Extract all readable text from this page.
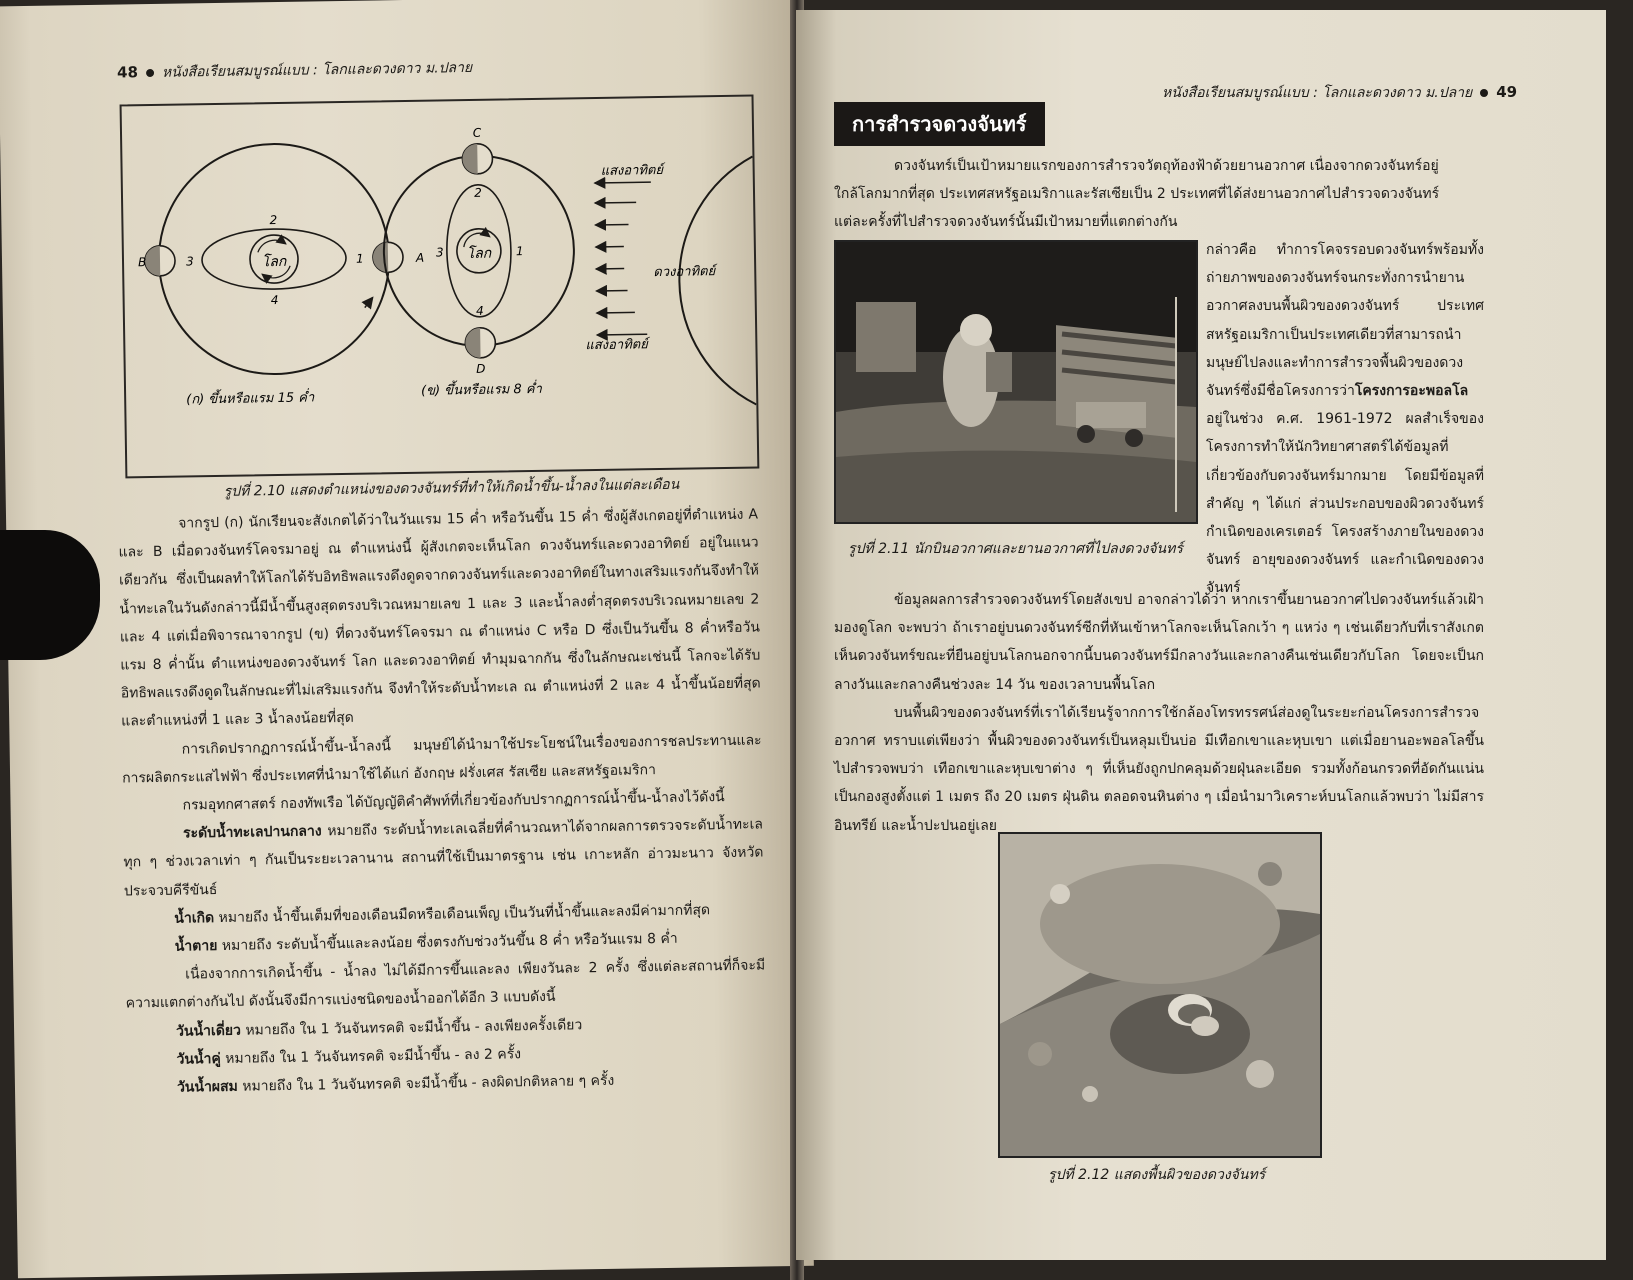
48 หนังสือเรียนสมบูรณ์แบบ : โลกและดวงดาว ม.ปลาย
โลก
B	A
2
4
3	1	โลก
C
D
2
4
3	1
ดวงอาทิตย์
แสงอาทิตย์
แสงอาทิตย์
(ก) ขึ้นหรือแรม 15 ค่ำ
(ข) ขึ้นหรือแรม 8 ค่ำ
รูปที่ 2.10 แสดงตำแหน่งของดวงจันทร์ที่ทำให้เกิดน้ำขึ้น-น้ำลงในแต่ละเดือน

จากรูป (ก) นักเรียนจะสังเกตได้ว่าในวันแรม 15 ค่ำ หรือวันขึ้น 15 ค่ำ ซึ่งผู้สังเกตอยู่ที่ตำแหน่ง A และ B เมื่อดวงจันทร์โคจรมาอยู่ ณ ตำแหน่งนี้ ผู้สังเกตจะเห็นโลก ดวงจันทร์และดวงอาทิตย์ อยู่ในแนวเดียวกัน ซึ่งเป็นผลทำให้โลกได้รับอิทธิพลแรงดึงดูดจากดวงจันทร์และดวงอาทิตย์ในทางเสริมแรงกันจึงทำให้น้ำทะเลในวันดังกล่าวนี้มีน้ำขึ้นสูงสุดตรงบริเวณหมายเลข 1 และ 3 และน้ำลงต่ำสุดตรงบริเวณหมายเลข 2 และ 4 แต่เมื่อพิจารณาจากรูป (ข) ที่ดวงจันทร์โคจรมา ณ ตำแหน่ง C หรือ D ซึ่งเป็นวันขึ้น 8 ค่ำหรือวันแรม 8 ค่ำนั้น ตำแหน่งของดวงจันทร์ โลก และดวงอาทิตย์ ทำมุมฉากกัน ซึ่งในลักษณะเช่นนี้ โลกจะได้รับอิทธิพลแรงดึงดูดในลักษณะที่ไม่เสริมแรงกัน จึงทำให้ระดับน้ำทะเล ณ ตำแหน่งที่ 2 และ 4 น้ำขึ้นน้อยที่สุด และตำแหน่งที่ 1 และ 3 น้ำลงน้อยที่สุด

การเกิดปรากฏการณ์น้ำขึ้น-น้ำลงนี้ มนุษย์ได้นำมาใช้ประโยชน์ในเรื่องของการชลประทานและการผลิตกระแสไฟฟ้า ซึ่งประเทศที่นำมาใช้ได้แก่ อังกฤษ ฝรั่งเศส รัสเซีย และสหรัฐอเมริกา

กรมอุทกศาสตร์ กองทัพเรือ ได้บัญญัติคำศัพท์ที่เกี่ยวข้องกับปรากฏการณ์น้ำขึ้น-น้ำลงไว้ดังนี้

ระดับน้ำทะเลปานกลาง หมายถึง ระดับน้ำทะเลเฉลี่ยที่คำนวณหาได้จากผลการตรวจระดับน้ำทะเลทุก ๆ ช่วงเวลาเท่า ๆ กันเป็นระยะเวลานาน สถานที่ใช้เป็นมาตรฐาน เช่น เกาะหลัก อ่าวมะนาว จังหวัดประจวบคีรีขันธ์

น้ำเกิด หมายถึง น้ำขึ้นเต็มที่ของเดือนมืดหรือเดือนเพ็ญ เป็นวันที่น้ำขึ้นและลงมีค่ามากที่สุด

น้ำตาย หมายถึง ระดับน้ำขึ้นและลงน้อย ซึ่งตรงกับช่วงวันขึ้น 8 ค่ำ หรือวันแรม 8 ค่ำ

เนื่องจากการเกิดน้ำขึ้น - น้ำลง ไม่ได้มีการขึ้นและลง เพียงวันละ 2 ครั้ง ซึ่งแต่ละสถานที่ก็จะมีความแตกต่างกันไป ดังนั้นจึงมีการแบ่งชนิดของน้ำออกได้อีก 3 แบบดังนี้

วันน้ำเดี่ยว หมายถึง ใน 1 วันจันทรคติ จะมีน้ำขึ้น - ลงเพียงครั้งเดียว

วันน้ำคู่ หมายถึง ใน 1 วันจันทรคติ จะมีน้ำขึ้น - ลง 2 ครั้ง

วันน้ำผสม หมายถึง ใน 1 วันจันทรคติ จะมีน้ำขึ้น - ลงผิดปกติหลาย ๆ ครั้ง

หนังสือเรียนสมบูรณ์แบบ : โลกและดวงดาว ม.ปลาย 49
การสำรวจดวงจันทร์

ดวงจันทร์เป็นเป้าหมายแรกของการสำรวจวัตถุท้องฟ้าด้วยยานอวกาศ เนื่องจากดวงจันทร์อยู่

ใกล้โลกมากที่สุด ประเทศสหรัฐอเมริกาและรัสเซียเป็น 2 ประเทศที่ได้ส่งยานอวกาศไปสำรวจดวงจันทร์

แต่ละครั้งที่ไปสำรวจดวงจันทร์นั้นมีเป้าหมายที่แตกต่างกัน

รูปที่ 2.11 นักบินอวกาศและยานอวกาศที่ไปลงดวงจันทร์

กล่าวคือ ทำการโคจรรอบดวงจันทร์พร้อมทั้งถ่ายภาพของดวงจันทร์จนกระทั่งการนำยานอวกาศลงบนพื้นผิวของดวงจันทร์ ประเทศสหรัฐอเมริกาเป็นประเทศเดียวที่สามารถนำมนุษย์ไปลงและทำการสำรวจพื้นผิวของดวงจันทร์ซึ่งมีชื่อโครงการว่าโครงการอะพอลโล อยู่ในช่วง ค.ศ. 1961-1972 ผลสำเร็จของโครงการทำให้นักวิทยาศาสตร์ได้ข้อมูลที่เกี่ยวข้องกับดวงจันทร์มากมาย โดยมีข้อมูลที่สำคัญ ๆ ได้แก่ ส่วนประกอบของผิวดวงจันทร์ กำเนิดของเครเตอร์ โครงสร้างภายในของดวงจันทร์ อายุของดวงจันทร์ และกำเนิดของดวงจันทร์

ข้อมูลผลการสำรวจดวงจันทร์โดยสังเขป อาจกล่าวได้ว่า หากเราขึ้นยานอวกาศไปดวงจันทร์แล้วเฝ้ามองดูโลก จะพบว่า ถ้าเราอยู่บนดวงจันทร์ซีกที่หันเข้าหาโลกจะเห็นโลกเว้า ๆ แหว่ง ๆ เช่นเดียวกับที่เราสังเกตเห็นดวงจันทร์ขณะที่ยืนอยู่บนโลกนอกจากนี้บนดวงจันทร์มีกลางวันและกลางคืนเช่นเดียวกับโลก โดยจะเป็นกลางวันและกลางคืนช่วงละ 14 วัน ของเวลาบนพื้นโลก

บนพื้นผิวของดวงจันทร์ที่เราได้เรียนรู้จากการใช้กล้องโทรทรรศน์ส่องดูในระยะก่อนโครงการสำรวจอวกาศ ทราบแต่เพียงว่า พื้นผิวของดวงจันทร์เป็นหลุมเป็นบ่อ มีเทือกเขาและหุบเขา แต่เมื่อยานอะพอลโลขึ้นไปสำรวจพบว่า เทือกเขาและหุบเขาต่าง ๆ ที่เห็นยังถูกปกคลุมด้วยฝุ่นละเอียด รวมทั้งก้อนกรวดที่อัดกันแน่นเป็นกองสูงตั้งแต่ 1 เมตร ถึง 20 เมตร ฝุ่นดิน ตลอดจนหินต่าง ๆ เมื่อนำมาวิเคราะห์บนโลกแล้วพบว่า ไม่มีสารอินทรีย์ และน้ำปะปนอยู่เลย

รูปที่ 2.12 แสดงพื้นผิวของดวงจันทร์
